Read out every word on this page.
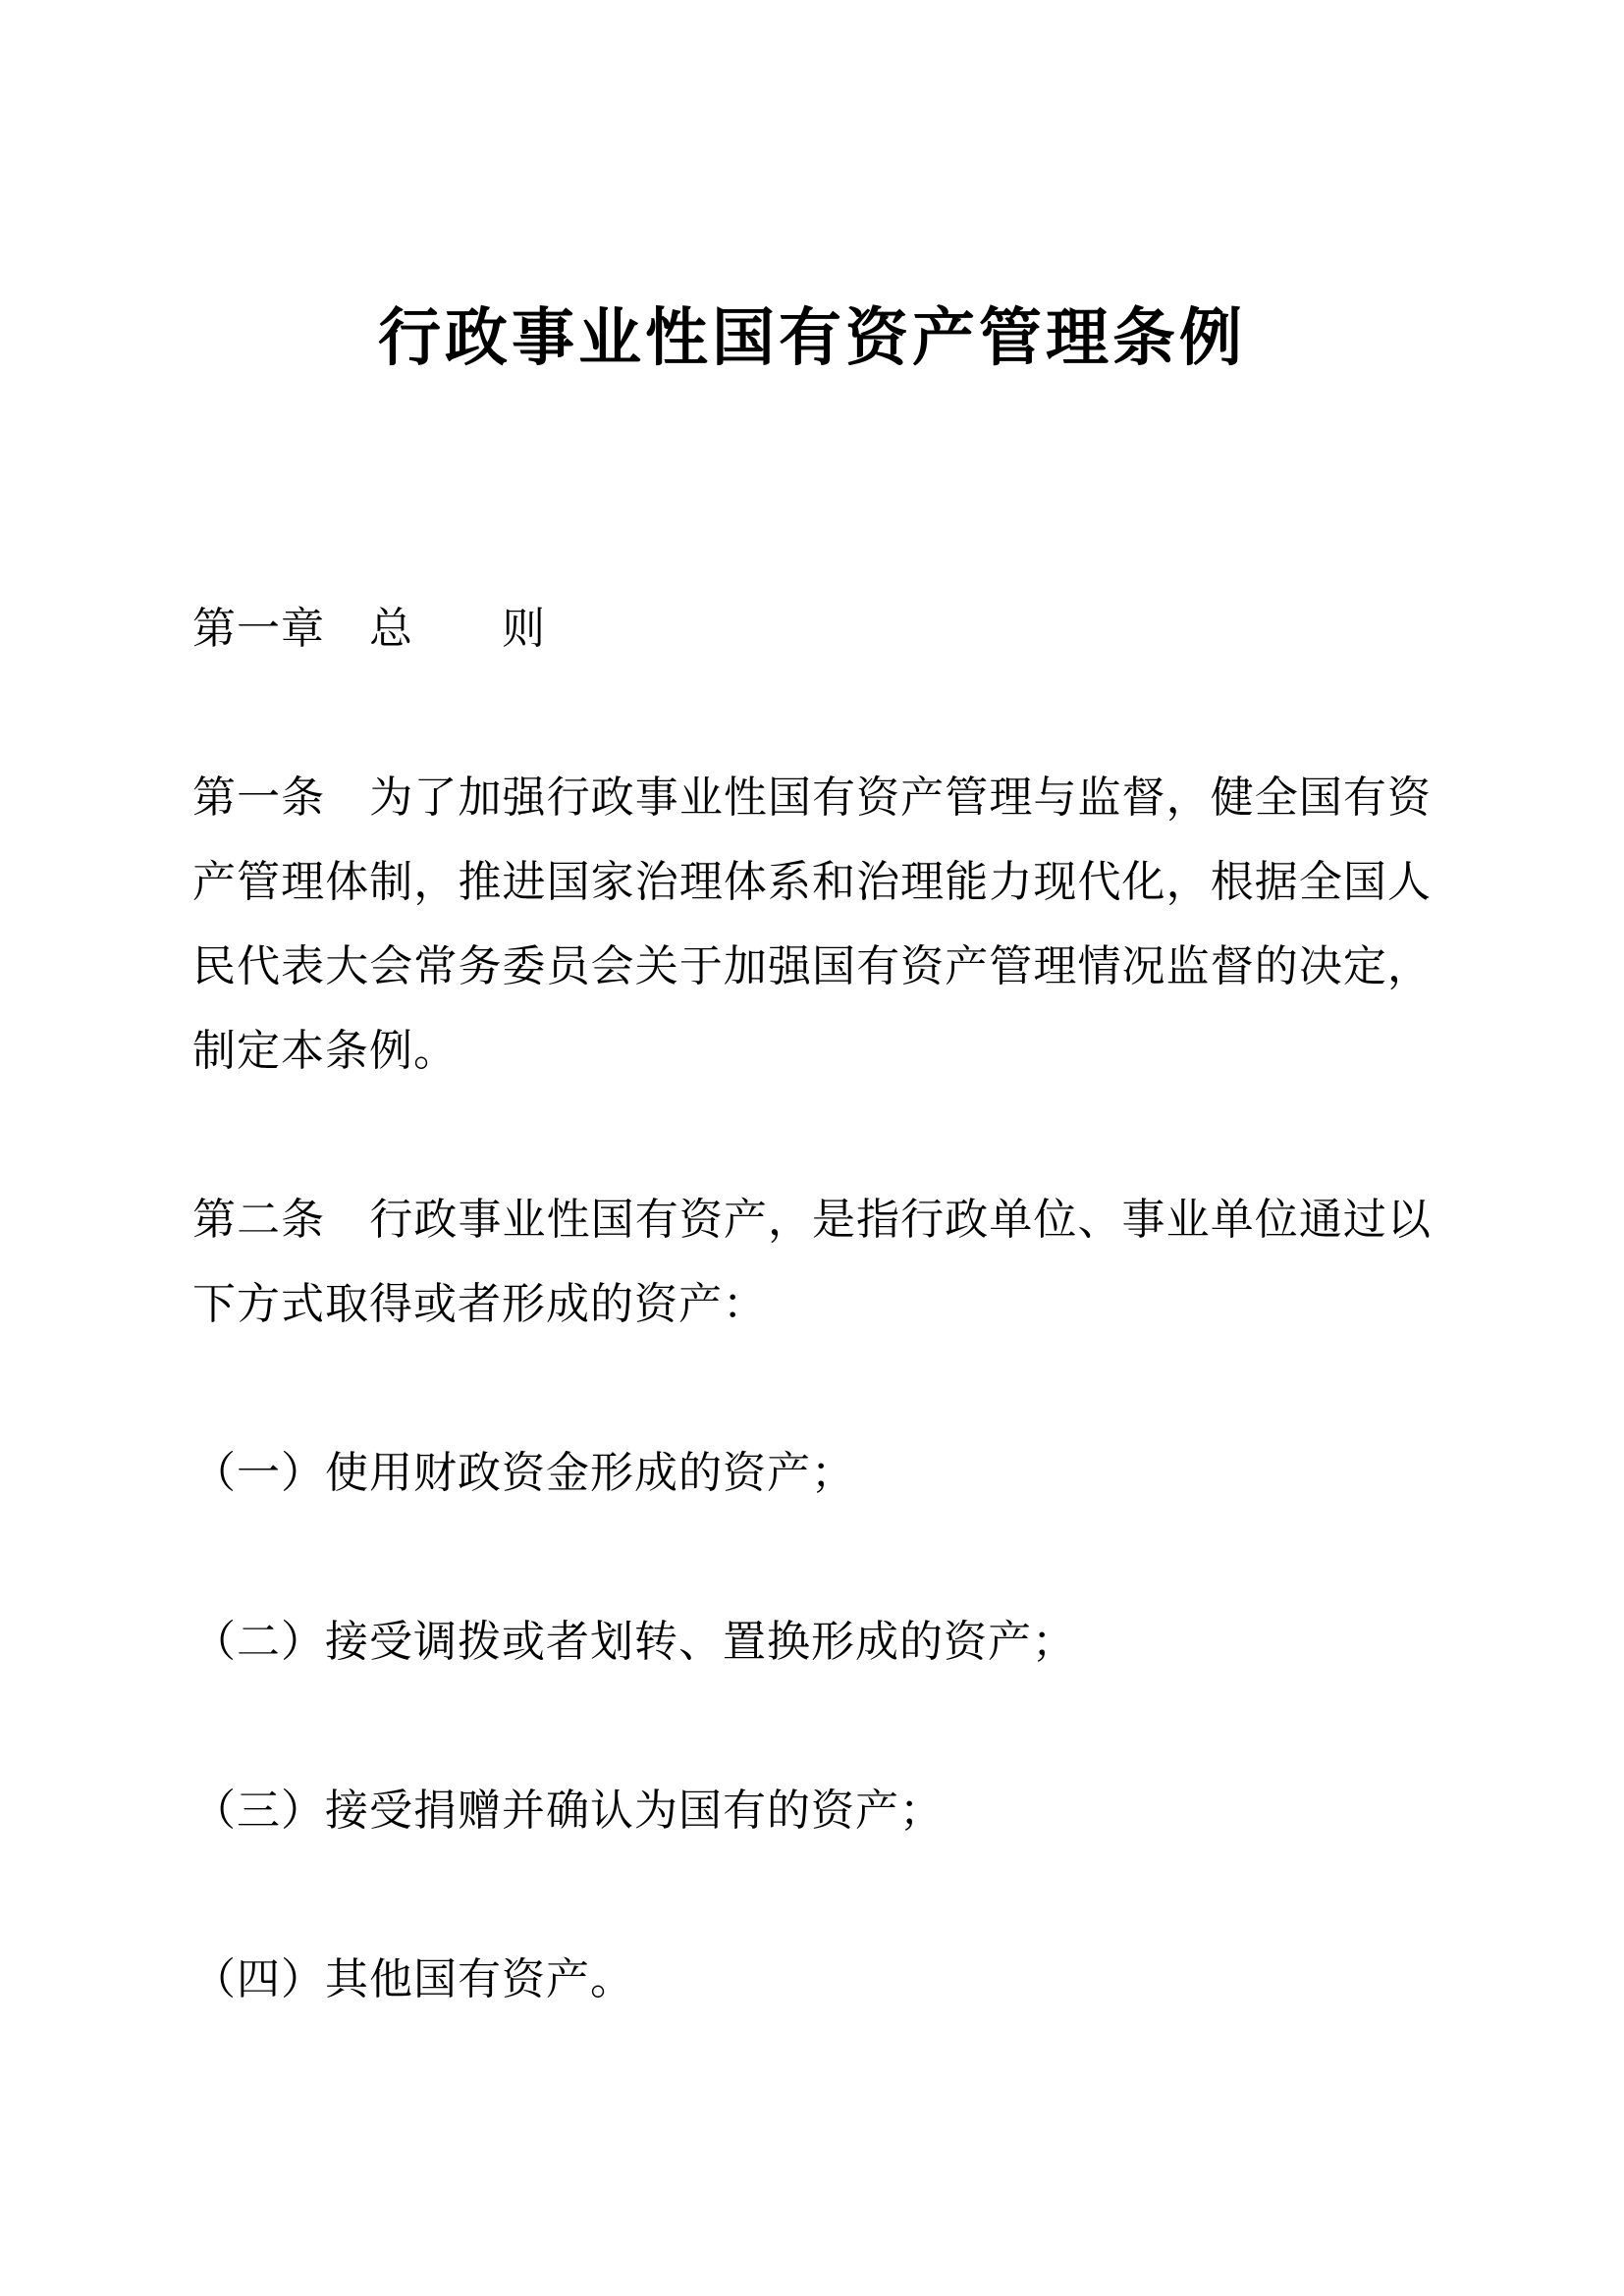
行政事业性国有资产管理条例
第一章　总　　则

第一条　为了加强行政事业性国有资产管理与监督，健全国有资产管理体制，推进国家治理体系和治理能力现代化，根据全国人民代表大会常务委员会关于加强国有资产管理情况监督的决定，制定本条例。

第二条　行政事业性国有资产，是指行政单位、事业单位通过以下方式取得或者形成的资产：

（一）使用财政资金形成的资产；

（二）接受调拨或者划转、置换形成的资产；

（三）接受捐赠并确认为国有的资产；

（四）其他国有资产。
